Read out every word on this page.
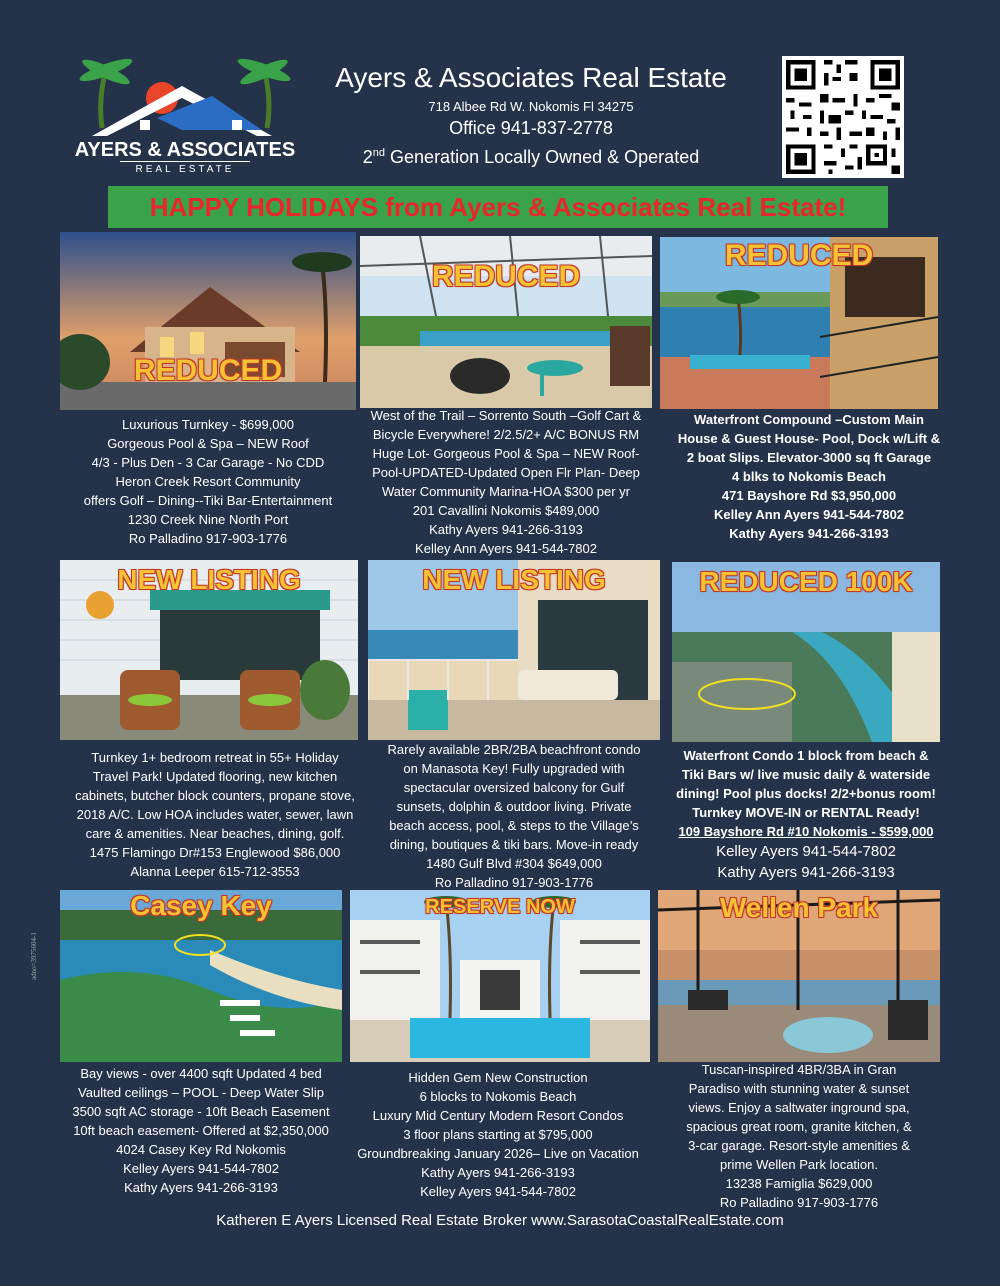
AYERS & ASSOCIATES
REAL ESTATE
Ayers & Associates Real Estate
718 Albee Rd W. Nokomis Fl 34275
Office 941-837-2778
2nd Generation Locally Owned & Operated
HAPPY HOLIDAYS from Ayers & Associates Real Estate!
REDUCED

Luxurious Turnkey - $699,000

Gorgeous Pool & Spa – NEW Roof

4/3 - Plus Den - 3 Car Garage - No CDD

Heron Creek Resort Community

offers Golf – Dining--Tiki Bar-Entertainment

1230 Creek Nine North Port

Ro Palladino 917-903-1776

REDUCED

West of the Trail – Sorrento South –Golf Cart &

Bicycle Everywhere! 2/2.5/2+ A/C BONUS RM

Huge Lot- Gorgeous Pool & Spa – NEW Roof-

Pool-UPDATED-Updated Open Flr Plan- Deep

Water Community Marina-HOA $300 per yr

201 Cavallini Nokomis $489,000

Kathy Ayers 941-266-3193

Kelley Ann Ayers 941-544-7802

REDUCED

Waterfront Compound –Custom Main

House & Guest House- Pool, Dock w/Lift &

2 boat Slips. Elevator-3000 sq ft Garage

4 blks to Nokomis Beach

471 Bayshore Rd $3,950,000

Kelley Ann Ayers 941-544-7802

Kathy Ayers 941-266-3193

NEW LISTING

Turnkey 1+ bedroom retreat in 55+ Holiday

Travel Park! Updated flooring, new kitchen

cabinets, butcher block counters, propane stove,

2018 A/C. Low HOA includes water, sewer, lawn

care & amenities. Near beaches, dining, golf.

1475 Flamingo Dr#153 Englewood $86,000

Alanna Leeper 615-712-3553

NEW LISTING

Rarely available 2BR/2BA beachfront condo

on Manasota Key! Fully upgraded with

spectacular oversized balcony for Gulf

sunsets, dolphin & outdoor living. Private

beach access, pool, & steps to the Village’s

dining, boutiques & tiki bars. Move-in ready

1480 Gulf Blvd #304 $649,000

Ro Palladino 917-903-1776

REDUCED 100K

Waterfront Condo 1 block from beach &

Tiki Bars w/ live music daily & waterside

dining! Pool plus docks! 2/2+bonus room!

Turnkey MOVE-IN or RENTAL Ready!

109 Bayshore Rd #10 Nokomis - $599,000

Kelley Ayers 941-544-7802

Kathy Ayers 941-266-3193

Casey Key

Bay views - over 4400 sqft Updated 4 bed

Vaulted ceilings – POOL - Deep Water Slip

3500 sqft AC storage - 10ft Beach Easement

10ft beach easement- Offered at $2,350,000

4024 Casey Key Rd Nokomis

Kelley Ayers 941-544-7802

Kathy Ayers 941-266-3193

RESERVE NOW

Hidden Gem New Construction

6 blocks to Nokomis Beach

Luxury Mid Century Modern Resort Condos

3 floor plans starting at $795,000

Groundbreaking January 2026– Live on Vacation

Kathy Ayers 941-266-3193

Kelley Ayers 941-544-7802

Wellen Park

Tuscan-inspired 4BR/3BA in Gran

Paradiso with stunning water & sunset

views. Enjoy a saltwater inground spa,

spacious great room, granite kitchen, &

3-car garage. Resort-style amenities &

prime Wellen Park location.

13238 Famiglia $629,000

Ro Palladino 917-903-1776

adno=3975604-1
Katheren E Ayers Licensed Real Estate Broker www.SarasotaCoastalRealEstate.com
